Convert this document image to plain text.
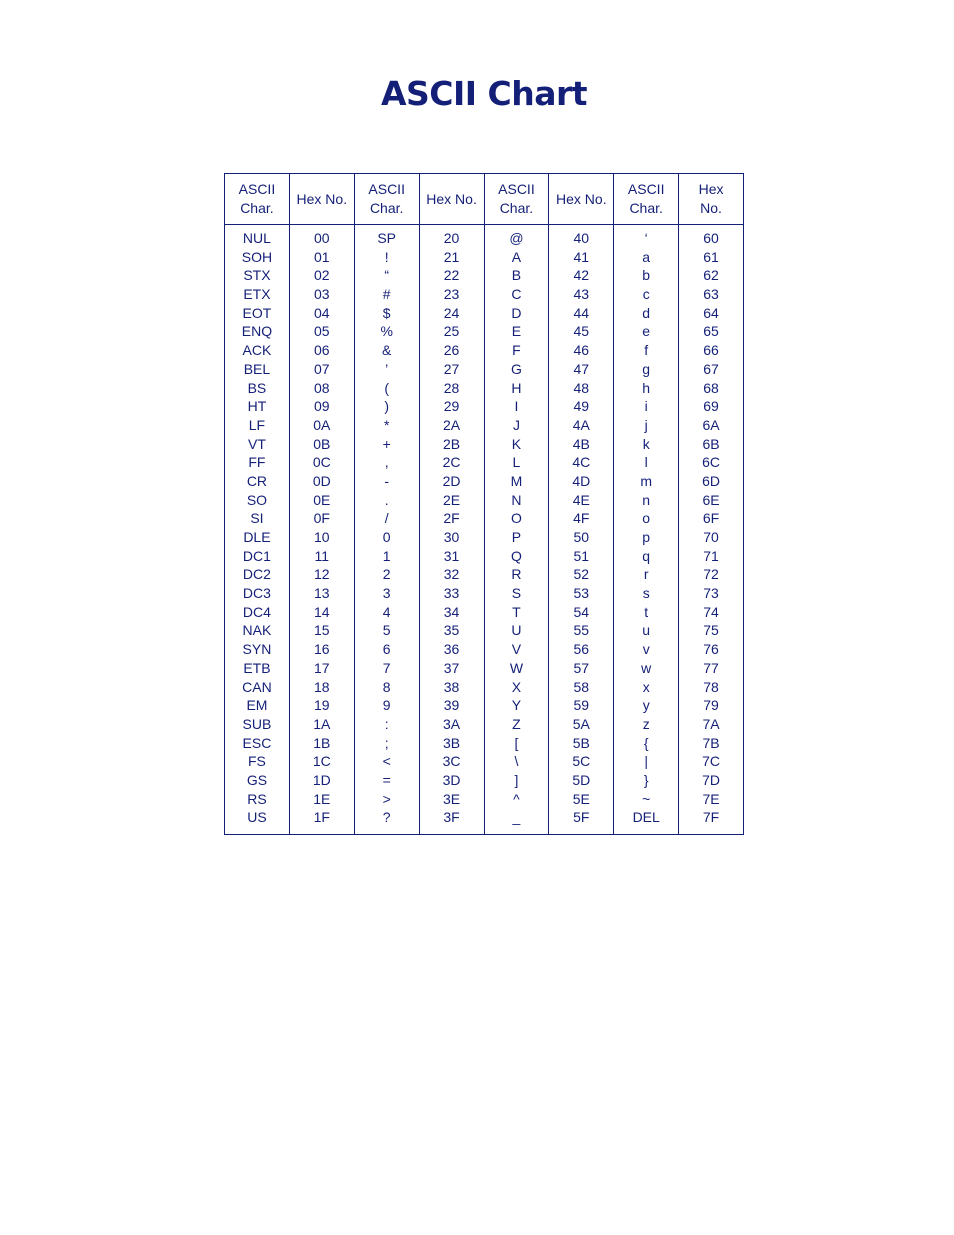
ASCII Chart
ASCII
Char.
NUL
SOH
STX
ETX
EOT
ENQ
ACK
BEL
BS
HT
LF
VT
FF
CR
SO
SI
DLE
DC1
DC2
DC3
DC4
NAK
SYN
ETB
CAN
EM
SUB
ESC
FS
GS
RS
US
Hex No.
00
01
02
03
04
05
06
07
08
09
0A
0B
0C
0D
0E
0F
10
11
12
13
14
15
16
17
18
19
1A
1B
1C
1D
1E
1F
ASCII
Char.
SP
!
“
#
$
%
&
’
(
)
*
+
,
-
.
/
0
1
2
3
4
5
6
7
8
9
:
;
<
=
>
?
Hex No.
20
21
22
23
24
25
26
27
28
29
2A
2B
2C
2D
2E
2F
30
31
32
33
34
35
36
37
38
39
3A
3B
3C
3D
3E
3F
ASCII
Char.
@
A
B
C
D
E
F
G
H
I
J
K
L
M
N
O
P
Q
R
S
T
U
V
W
X
Y
Z
[
\
]
^
_
Hex No.
40
41
42
43
44
45
46
47
48
49
4A
4B
4C
4D
4E
4F
50
51
52
53
54
55
56
57
58
59
5A
5B
5C
5D
5E
5F
ASCII
Char.
‘
a
b
c
d
e
f
g
h
i
j
k
l
m
n
o
p
q
r
s
t
u
v
w
x
y
z
{
|
}
~
DEL
Hex
No.
60
61
62
63
64
65
66
67
68
69
6A
6B
6C
6D
6E
6F
70
71
72
73
74
75
76
77
78
79
7A
7B
7C
7D
7E
7F
